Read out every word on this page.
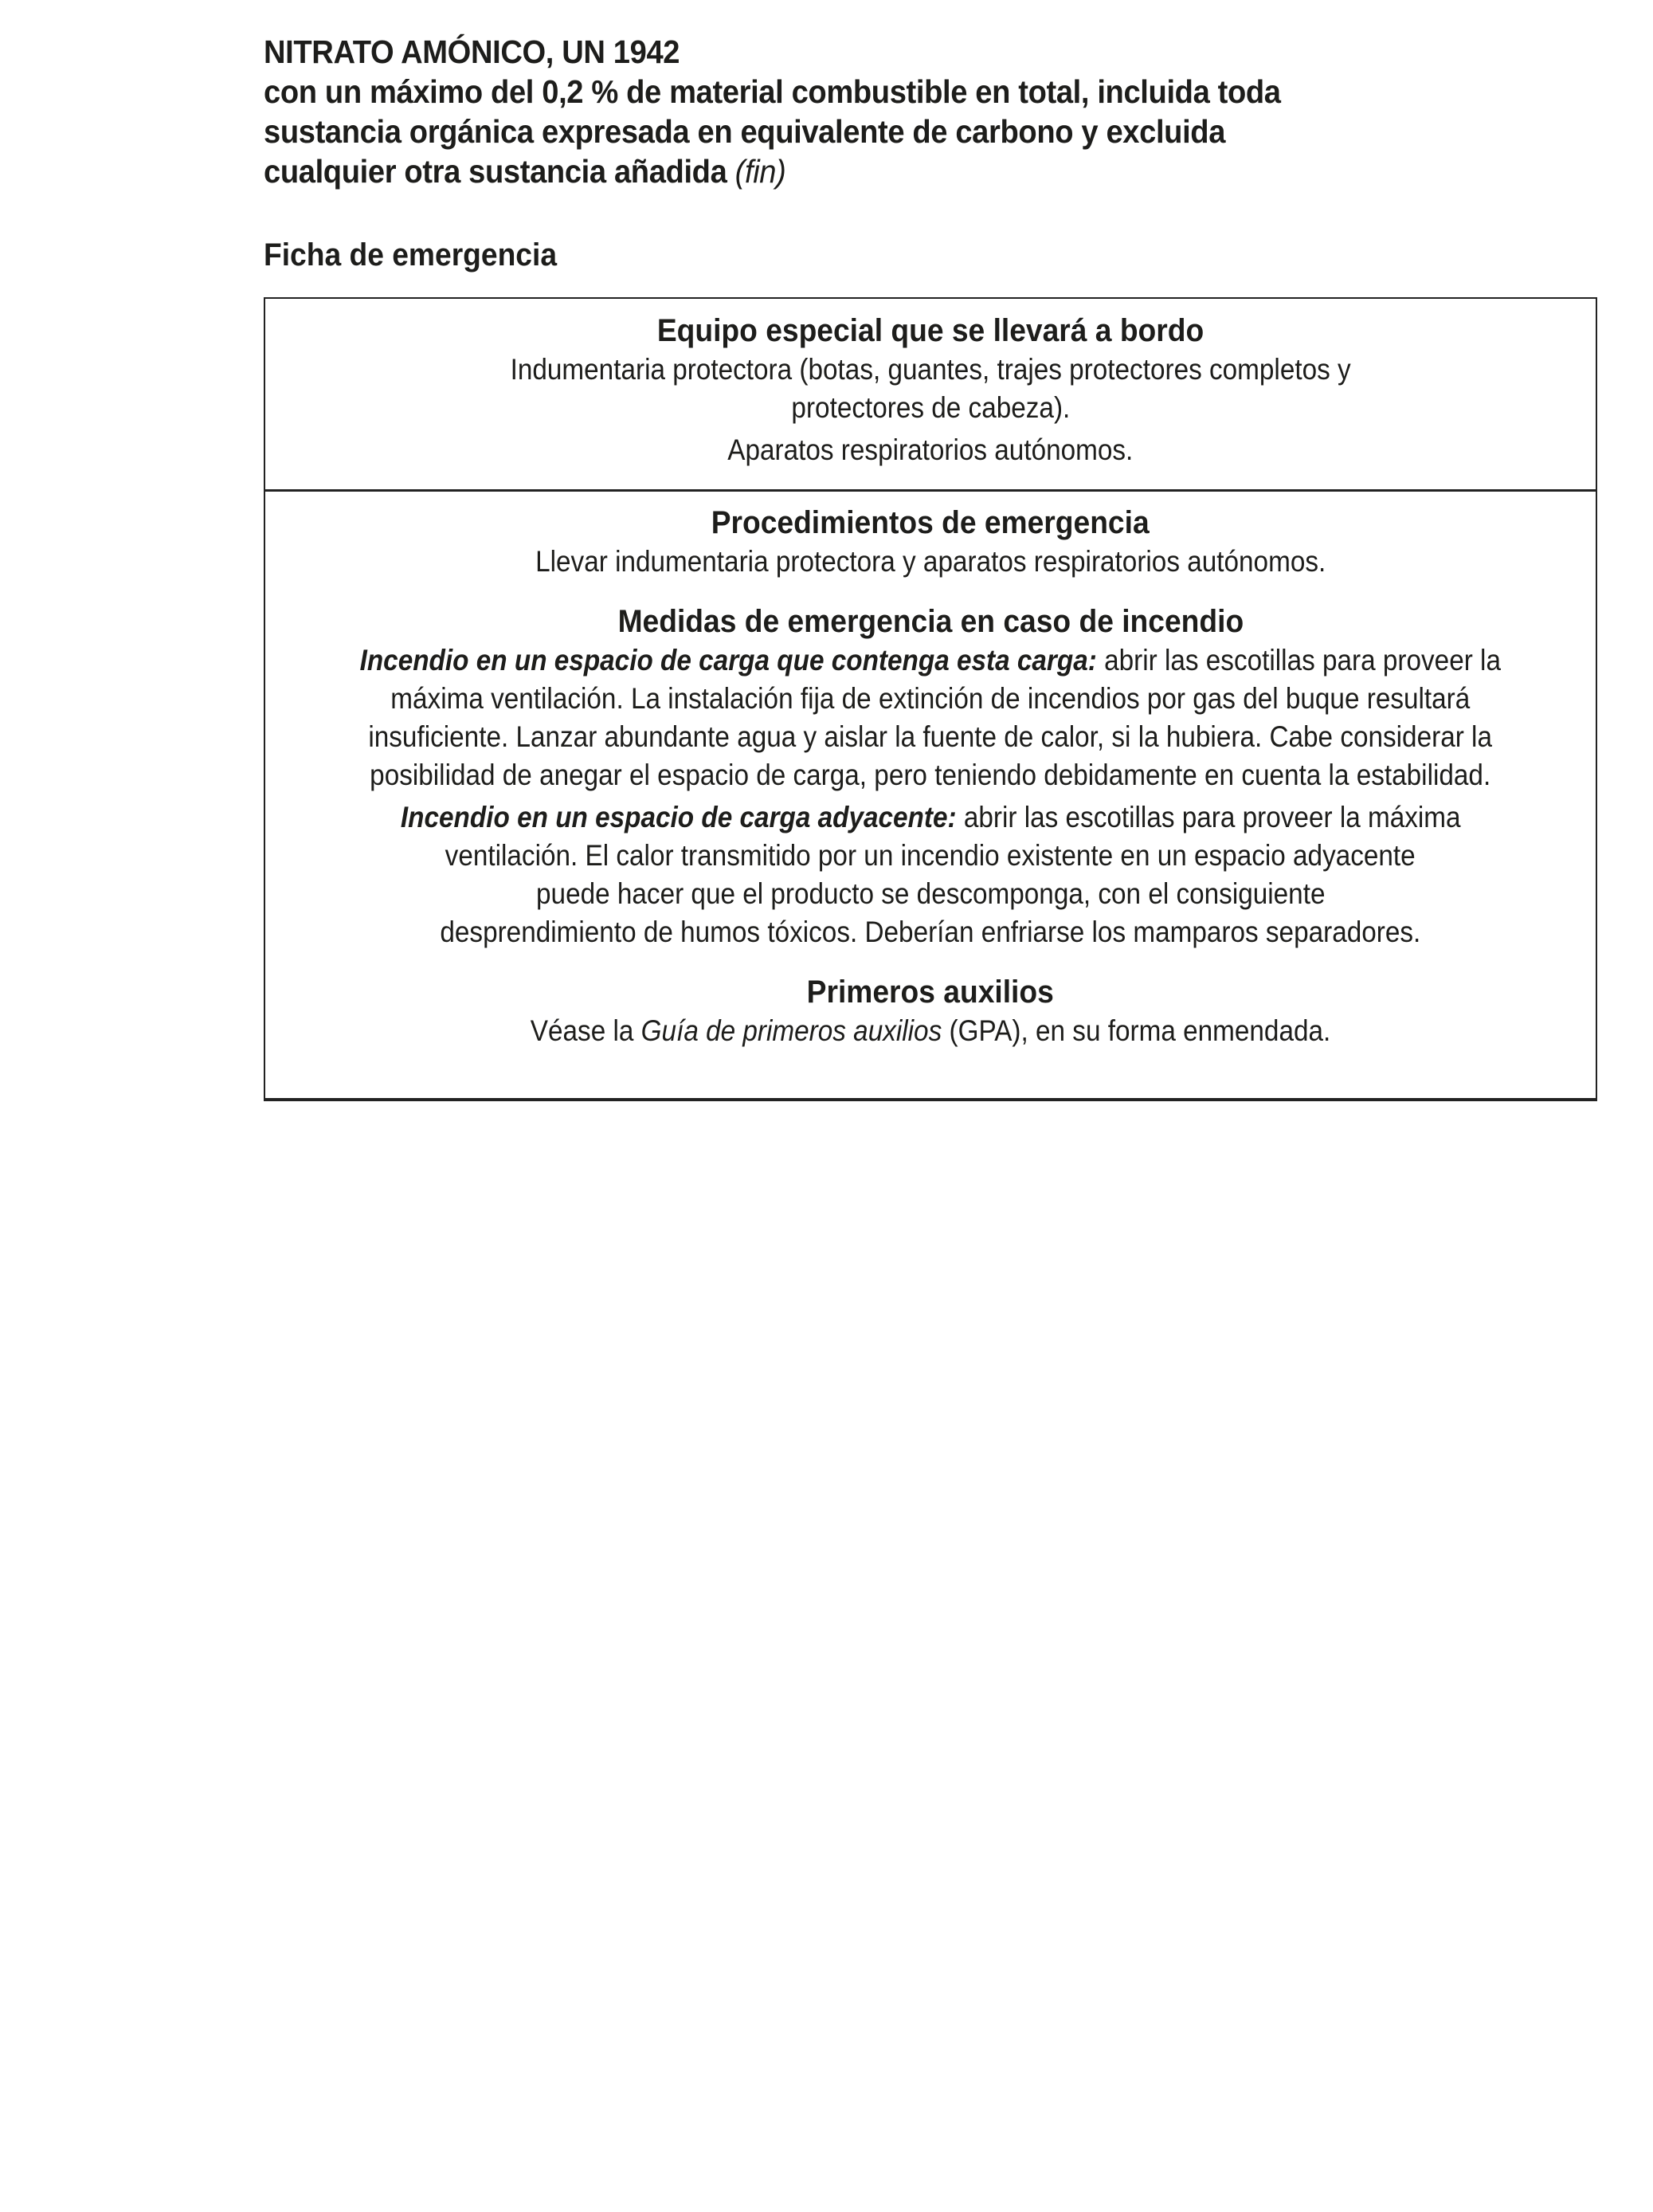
NITRATO AMÓNICO, UN 1942

con un máximo del 0,2 % de material combustible en total, incluida toda

sustancia orgánica expresada en equivalente de carbono y excluida

cualquier otra sustancia añadida (fin)

Ficha de emergencia

Equipo especial que se llevará a bordo
Indumentaria protectora (botas, guantes, trajes protectores completos y
protectores de cabeza).
Aparatos respiratorios autónomos.
Procedimientos de emergencia
Llevar indumentaria protectora y aparatos respiratorios autónomos.
Medidas de emergencia en caso de incendio
Incendio en un espacio de carga que contenga esta carga: abrir las escotillas para proveer la
máxima ventilación. La instalación fija de extinción de incendios por gas del buque resultará
insuficiente. Lanzar abundante agua y aislar la fuente de calor, si la hubiera. Cabe considerar la
posibilidad de anegar el espacio de carga, pero teniendo debidamente en cuenta la estabilidad.
Incendio en un espacio de carga adyacente: abrir las escotillas para proveer la máxima
ventilación. El calor transmitido por un incendio existente en un espacio adyacente
puede hacer que el producto se descomponga, con el consiguiente
desprendimiento de humos tóxicos. Deberían enfriarse los mamparos separadores.
Primeros auxilios
Véase la Guía de primeros auxilios (GPA), en su forma enmendada.
